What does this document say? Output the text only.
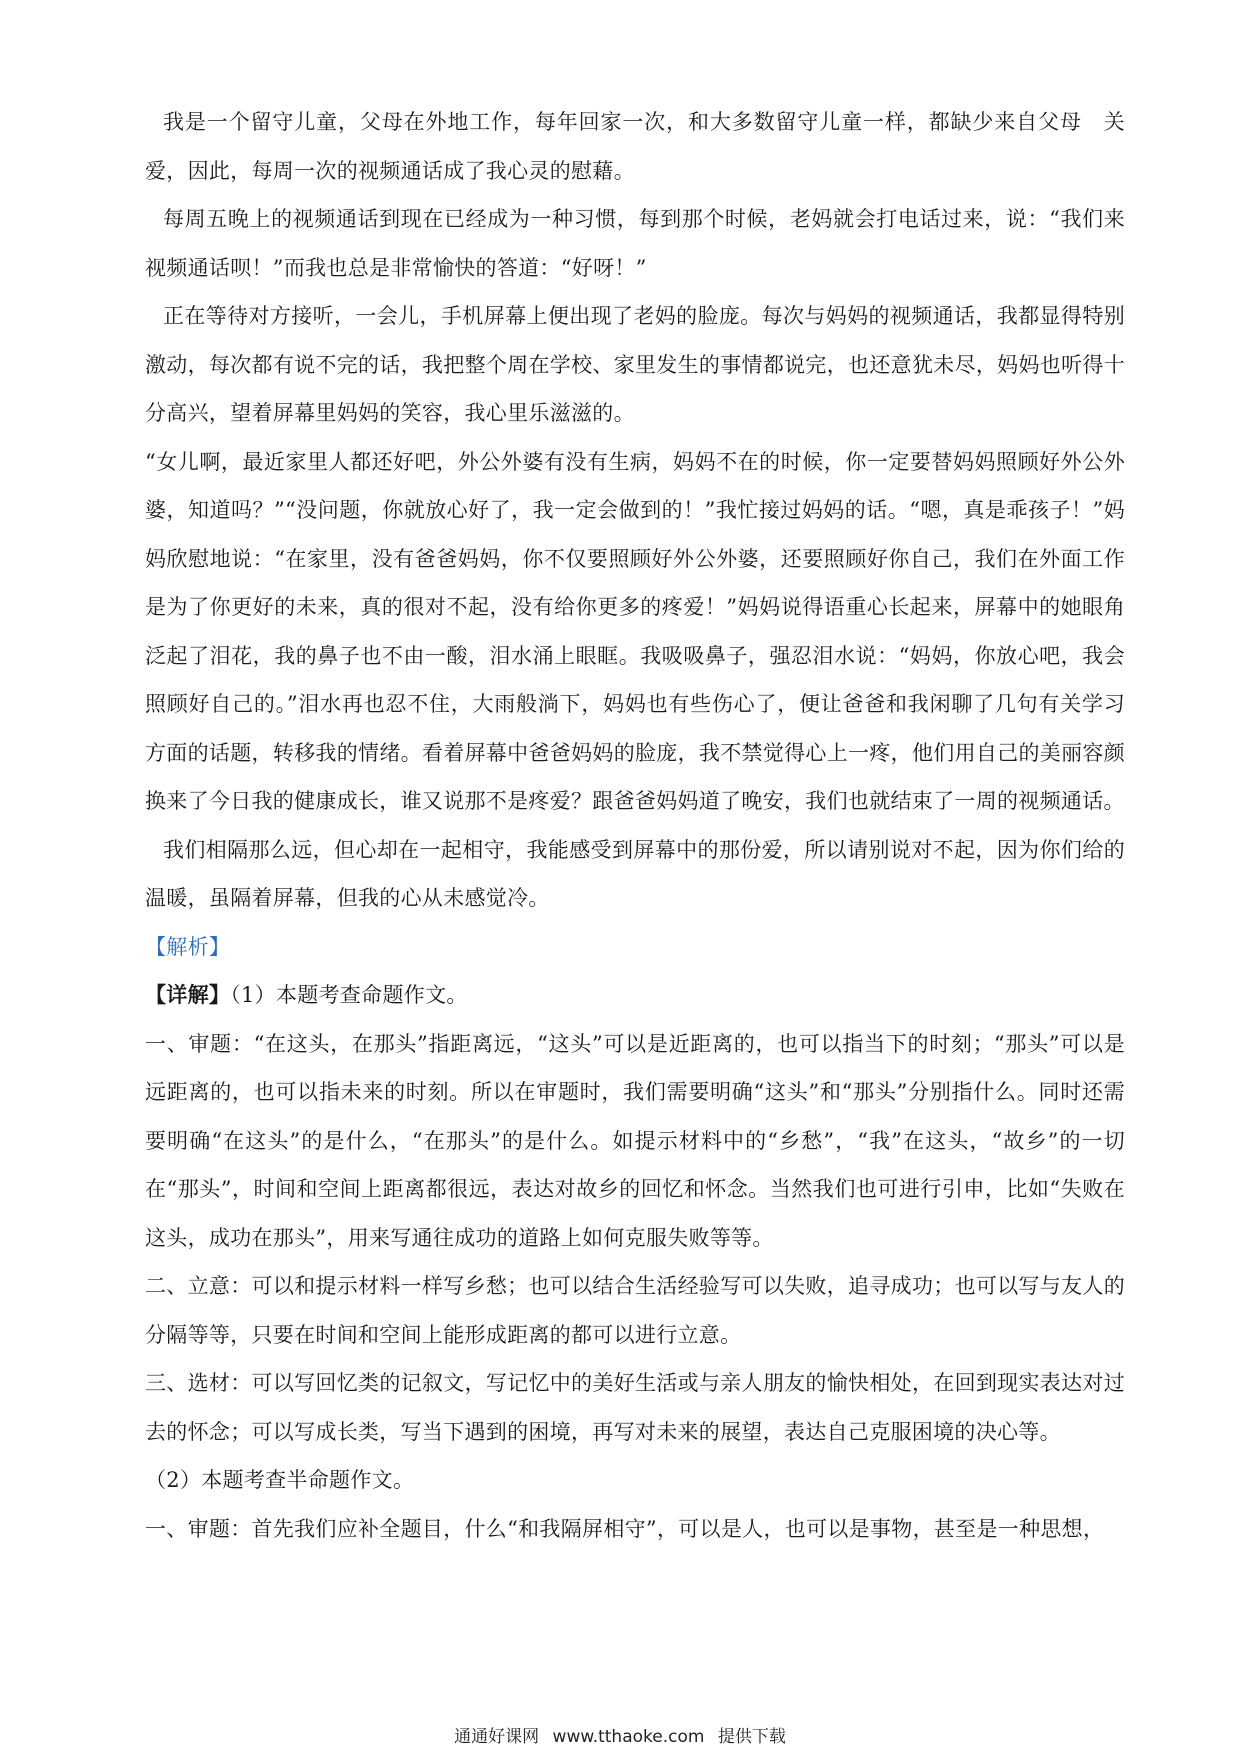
我是一个留守儿童，父母在外地工作，每年回家一次，和大多数留守儿童一样，都缺少来自父母　关爱，因此，每周一次的视频通话成了我心灵的慰藉。

每周五晚上的视频通话到现在已经成为一种习惯，每到那个时候，老妈就会打电话过来，说：“我们来视频通话呗！”而我也总是非常愉快的答道：“好呀！”

正在等待对方接听，一会儿，手机屏幕上便出现了老妈的脸庞。每次与妈妈的视频通话，我都显得特别激动，每次都有说不完的话，我把整个周在学校、家里发生的事情都说完，也还意犹未尽，妈妈也听得十分高兴，望着屏幕里妈妈的笑容，我心里乐滋滋的。

“女儿啊，最近家里人都还好吧，外公外婆有没有生病，妈妈不在的时候，你一定要替妈妈照顾好外公外婆，知道吗？”“没问题，你就放心好了，我一定会做到的！”我忙接过妈妈的话。“嗯，真是乖孩子！”妈妈欣慰地说：“在家里，没有爸爸妈妈，你不仅要照顾好外公外婆，还要照顾好你自己，我们在外面工作是为了你更好的未来，真的很对不起，没有给你更多的疼爱！”妈妈说得语重心长起来，屏幕中的她眼角泛起了泪花，我的鼻子也不由一酸，泪水涌上眼眶。我吸吸鼻子，强忍泪水说：“妈妈，你放心吧，我会照顾好自己的。”泪水再也忍不住，大雨般淌下，妈妈也有些伤心了，便让爸爸和我闲聊了几句有关学习方面的话题，转移我的情绪。看着屏幕中爸爸妈妈的脸庞，我不禁觉得心上一疼，他们用自己的美丽容颜换来了今日我的健康成长，谁又说那不是疼爱？跟爸爸妈妈道了晚安，我们也就结束了一周的视频通话。

我们相隔那么远，但心却在一起相守，我能感受到屏幕中的那份爱，所以请别说对不起，因为你们给的温暖，虽隔着屏幕，但我的心从未感觉冷。

【解析】

【详解】（1）本题考查命题作文。

一、审题：“在这头，在那头”指距离远，“这头”可以是近距离的，也可以指当下的时刻；“那头”可以是远距离的，也可以指未来的时刻。所以在审题时，我们需要明确“这头”和“那头”分别指什么。同时还需要明确“在这头”的是什么，“在那头”的是什么。如提示材料中的“乡愁”，“我”在这头，“故乡”的一切在“那头”，时间和空间上距离都很远，表达对故乡的回忆和怀念。当然我们也可进行引申，比如“失败在这头，成功在那头”，用来写通往成功的道路上如何克服失败等等。

二、立意：可以和提示材料一样写乡愁；也可以结合生活经验写可以失败，追寻成功；也可以写与友人的分隔等等，只要在时间和空间上能形成距离的都可以进行立意。

三、选材：可以写回忆类的记叙文，写记忆中的美好生活或与亲人朋友的愉快相处，在回到现实表达对过去的怀念；可以写成长类，写当下遇到的困境，再写对未来的展望，表达自己克服困境的决心等。

（2）本题考查半命题作文。

一、审题：首先我们应补全题目，什么“和我隔屏相守”，可以是人，也可以是事物，甚至是一种思想，

通通好课网 www.tthaoke.com 提供下载
